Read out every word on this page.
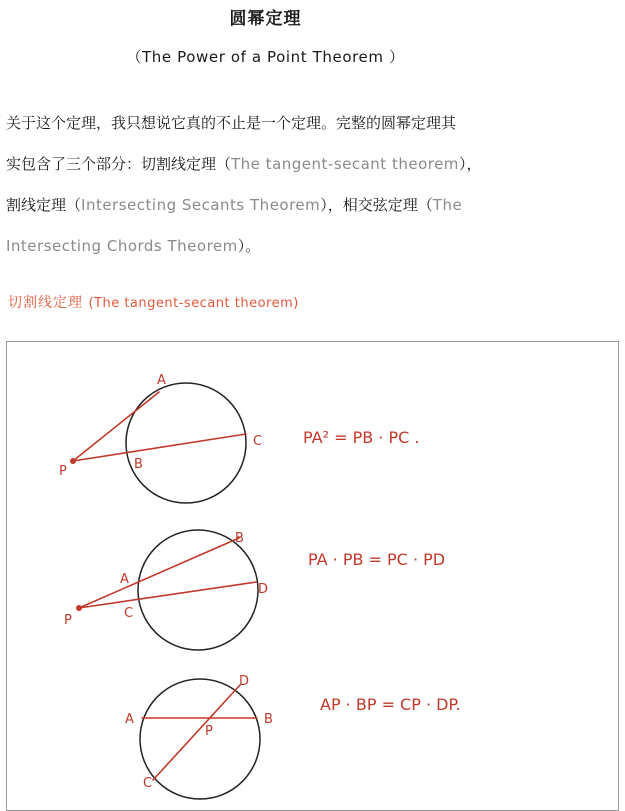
圆幂定理
（The Power of a Point Theorem ）
关于这个定理，我只想说它真的不止是一个定理。完整的圆幂定理其
实包含了三个部分：切割线定理（The tangent-secant theorem），
割线定理（Intersecting Secants Theorem），相交弦定理（The
Intersecting Chords Theorem）。
切割线定理 (The tangent-secant theorem)
A
P	B
C
B
A
D
P	C
D
A	B
P
C
PA² = PB · PC .
PA · PB = PC · PD
AP · BP = CP · DP.
